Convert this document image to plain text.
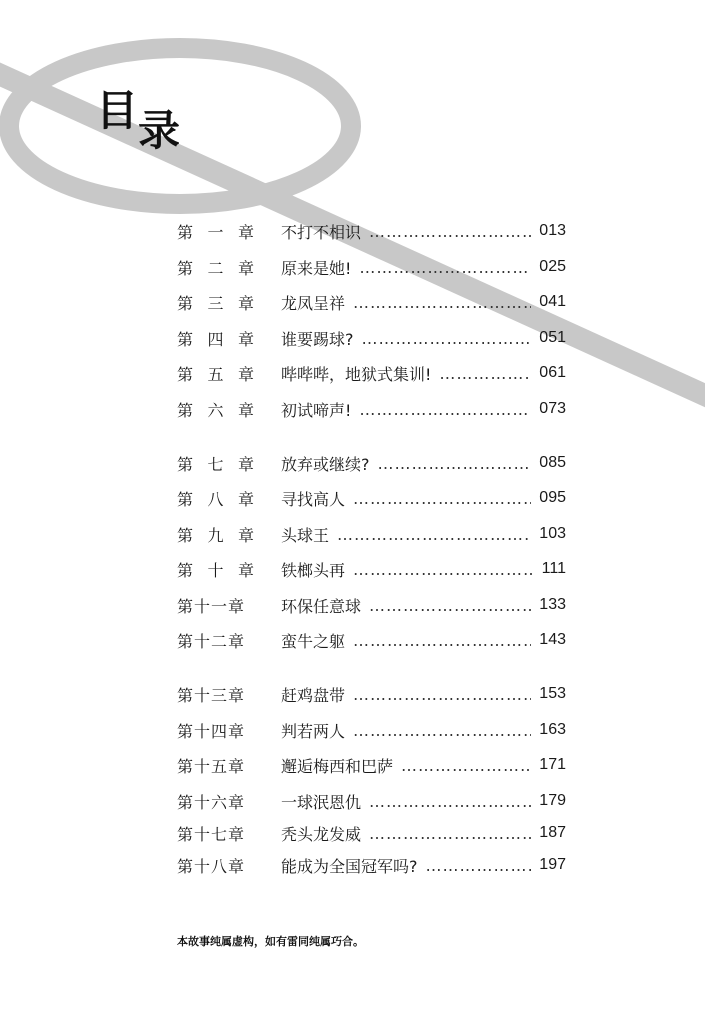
目 录
第 一 章 不打不相识 …………………………………………………………………………………………………………	013
第 二 章 原来是她! …………………………………………………………………………………………………………	025
第 三 章 龙凤呈祥 …………………………………………………………………………………………………………	041
第 四 章 谁要踢球? …………………………………………………………………………………………………………	051
第 五 章 哔哔哔，地狱式集训! …………………………………………………………………………………………………………	061
第 六 章 初试啼声! …………………………………………………………………………………………………………	073
第 七 章 放弃或继续? …………………………………………………………………………………………………………	085
第 八 章 寻找高人 …………………………………………………………………………………………………………	095
第 九 章 头球王 …………………………………………………………………………………………………………	103
第 十 章 铁榔头再 …………………………………………………………………………………………………………	111
第十一章	环保任意球 …………………………………………………………………………………………………………	133
第十二章	蛮牛之躯 …………………………………………………………………………………………………………	143
第十三章	赶鸡盘带 …………………………………………………………………………………………………………	153
第十四章	判若两人 …………………………………………………………………………………………………………	163
第十五章	邂逅梅西和巴萨 …………………………………………………………………………………………………………	171
第十六章	一球泯恩仇 …………………………………………………………………………………………………………	179
第十七章	秃头龙发威 …………………………………………………………………………………………………………	187
第十八章	能成为全国冠军吗? …………………………………………………………………………………………………………	197
本故事纯属虚构，如有雷同纯属巧合。
